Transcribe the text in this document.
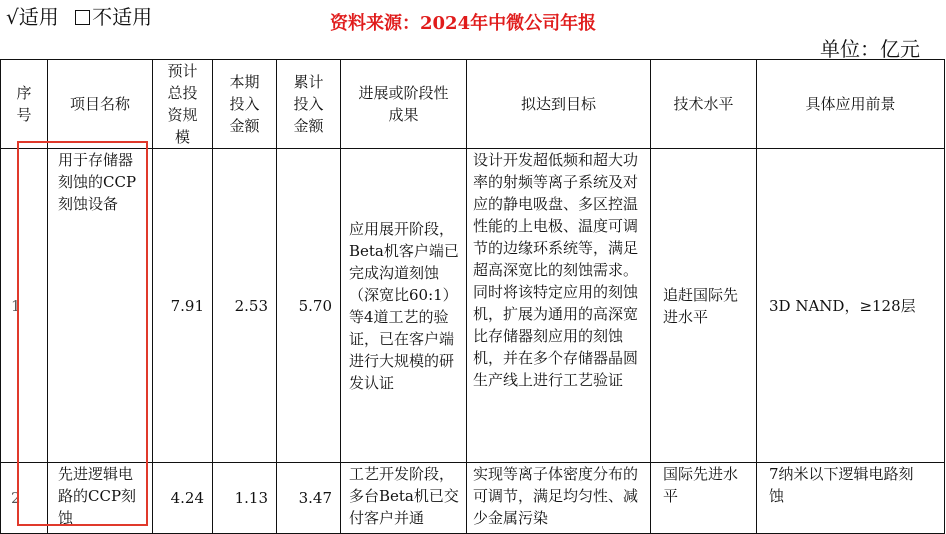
√适用 不适用	资料来源：2024年中微公司年报
单位：亿元
序号	项目名称	预计总投资规模	本期投入金额	累计投入金额	进展或阶段性成果	拟达到目标	技术水平	具体应用前景
1	用于存储器刻蚀的CCP刻蚀设备	7.91	2.53	5.70	应用展开阶段，Beta机客户端已完成沟道刻蚀（深宽比60:1）等4道工艺的验证，已在客户端进行大规模的研发认证	设计开发超低频和超大功率的射频等离子系统及对应的静电吸盘、多区控温性能的上电极、温度可调节的边缘环系统等，满足超高深宽比的刻蚀需求。同时将该特定应用的刻蚀机，扩展为通用的高深宽比存储器刻应用的刻蚀机，并在多个存储器晶圆生产线上进行工艺验证	追赶国际先进水平	3D NAND，≥128层
2	先进逻辑电路的CCP刻蚀	4.24	1.13	3.47	工艺开发阶段，多台Beta机已交付客户并通	实现等离子体密度分布的可调节，满足均匀性、减少金属污染	国际先进水平	7纳米以下逻辑电路刻蚀
